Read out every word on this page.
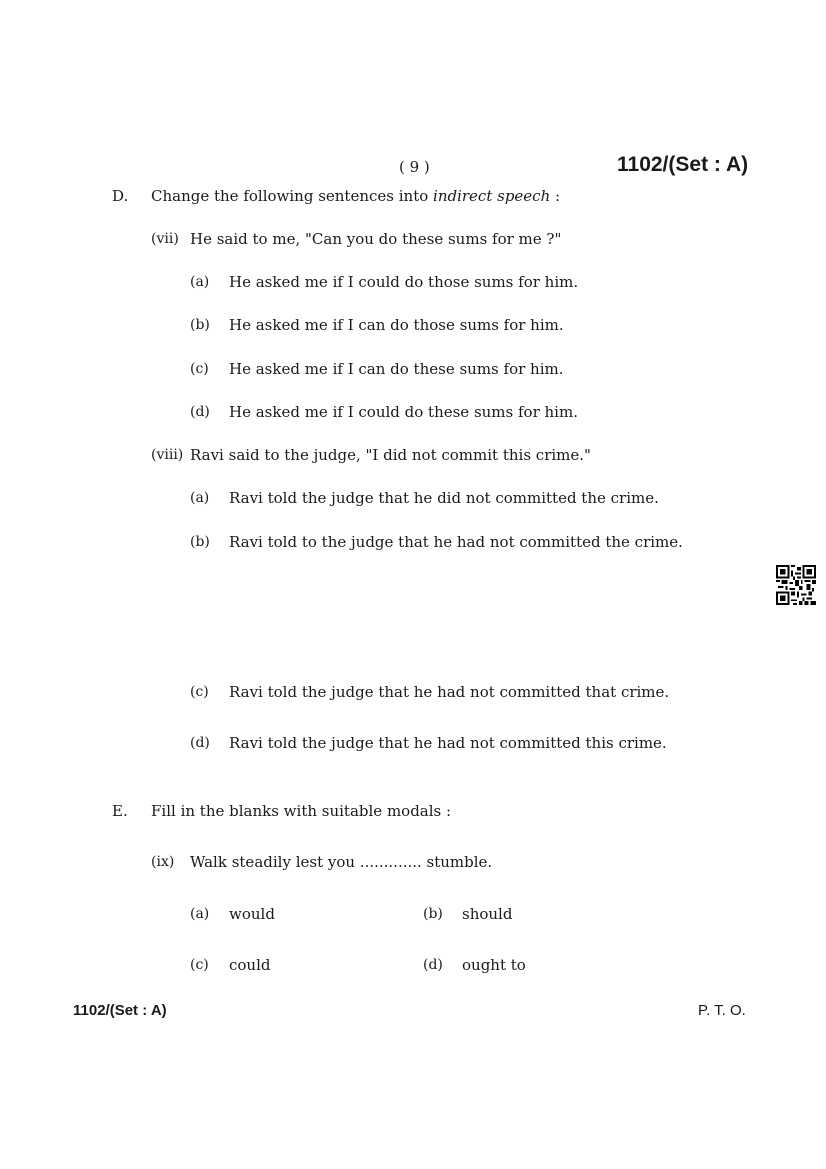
( 9 )	1102/(Set : A)
D. Change the following sentences into indirect speech :
(vii) He said to me, "Can you do these sums for me ?"
(a) He asked me if I could do those sums for him.
(b) He asked me if I can do those sums for him.
(c) He asked me if I can do these sums for him.
(d) He asked me if I could do these sums for him.
(viii) Ravi said to the judge, "I did not commit this crime."
(a) Ravi told the judge that he did not committed the crime.
(b) Ravi told to the judge that he had not committed the crime.
(c) Ravi told the judge that he had not committed that crime.
(d) Ravi told the judge that he had not committed this crime.
E. Fill in the blanks with suitable modals :
(ix) Walk steadily lest you ............. stumble.
(a) would	(b) should
(c) could	(d) ought to
1102/(Set : A)	P. T. O.
